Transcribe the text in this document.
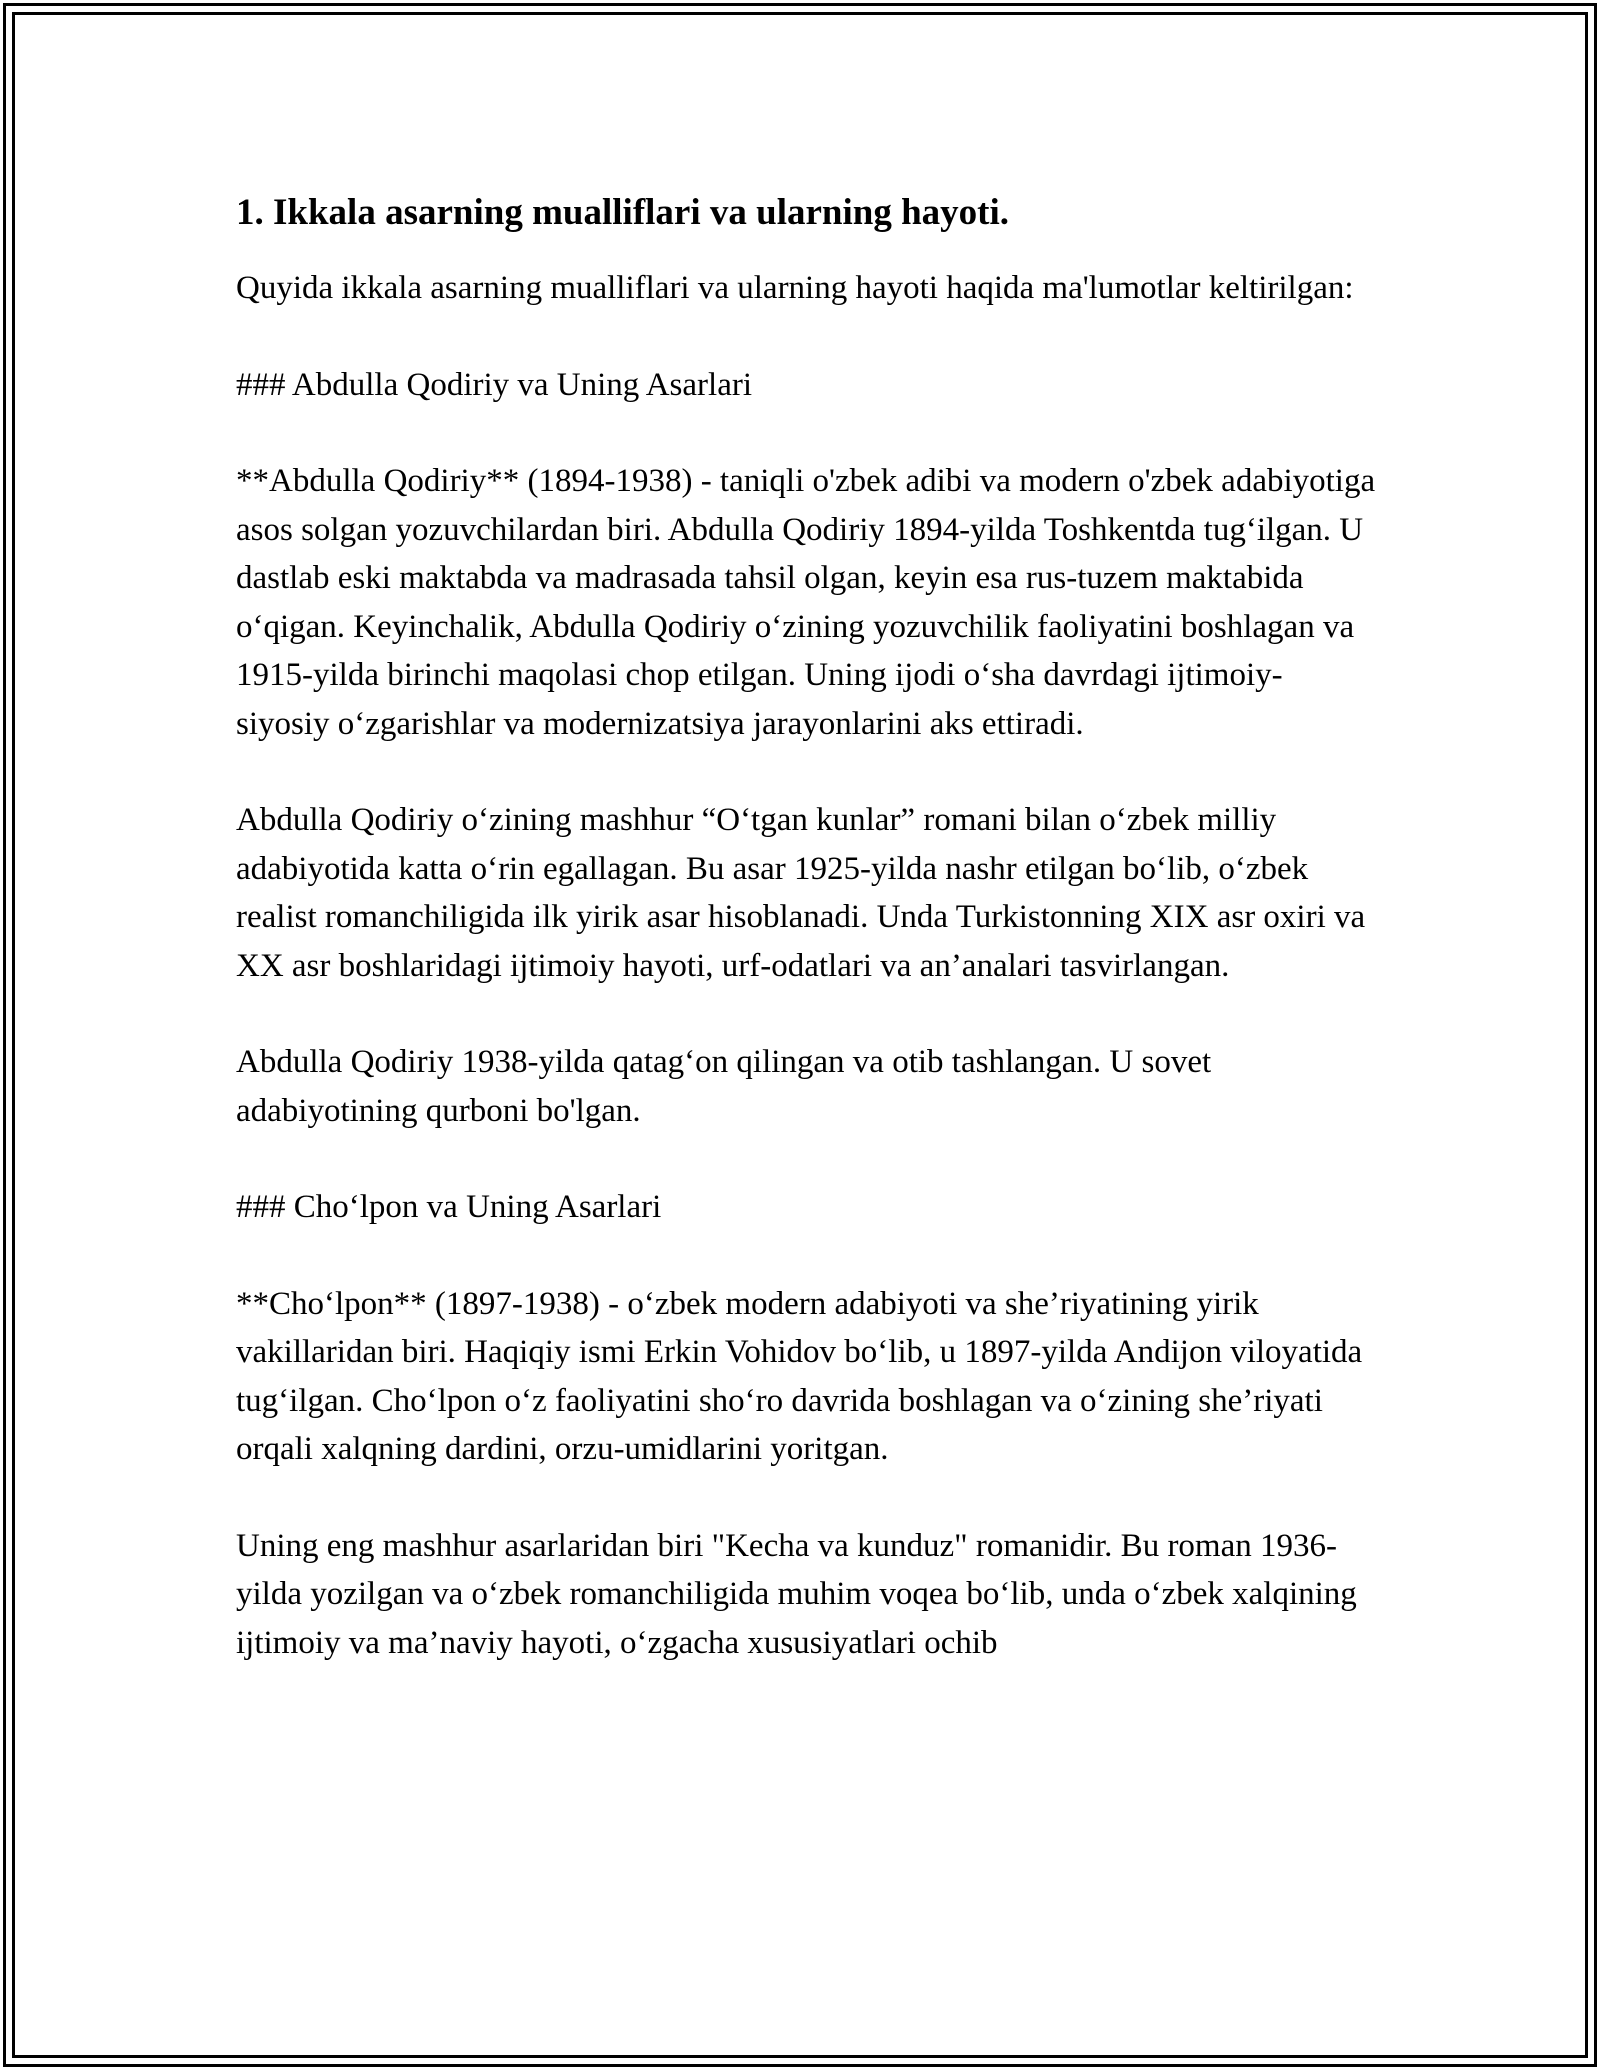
1. Ikkala asarning mualliflari va ularning hayoti.

Quyida ikkala asarning mualliflari va ularning hayoti haqida ma'lumotlar keltirilgan:

### Abdulla Qodiriy va Uning Asarlari

**Abdulla Qodiriy** (1894-1938) - taniqli o'zbek adibi va modern o'zbek adabiyotiga asos solgan yozuvchilardan biri. Abdulla Qodiriy 1894-yilda Toshkentda tug‘ilgan. U dastlab eski maktabda va madrasada tahsil olgan, keyin esa rus-tuzem maktabida o‘qigan. Keyinchalik, Abdulla Qodiriy o‘zining yozuvchilik faoliyatini boshlagan va 1915-yilda birinchi maqolasi chop etilgan. Uning ijodi o‘sha davrdagi ijtimoiy-siyosiy o‘zgarishlar va modernizatsiya jarayonlarini aks ettiradi.

Abdulla Qodiriy o‘zining mashhur “O‘tgan kunlar” romani bilan o‘zbek milliy adabiyotida katta o‘rin egallagan. Bu asar 1925-yilda nashr etilgan bo‘lib, o‘zbek realist romanchiligida ilk yirik asar hisoblanadi. Unda Turkistonning XIX asr oxiri va XX asr boshlaridagi ijtimoiy hayoti, urf-odatlari va an’analari tasvirlangan.

Abdulla Qodiriy 1938-yilda qatag‘on qilingan va otib tashlangan. U sovet adabiyotining qurboni bo'lgan.

### Cho‘lpon va Uning Asarlari

**Cho‘lpon** (1897-1938) - o‘zbek modern adabiyoti va she’riyatining yirik vakillaridan biri. Haqiqiy ismi Erkin Vohidov bo‘lib, u 1897-yilda Andijon viloyatida tug‘ilgan. Cho‘lpon o‘z faoliyatini sho‘ro davrida boshlagan va o‘zining she’riyati orqali xalqning dardini, orzu-umidlarini yoritgan.

Uning eng mashhur asarlaridan biri "Kecha va kunduz" romanidir. Bu roman 1936-yilda yozilgan va o‘zbek romanchiligida muhim voqea bo‘lib, unda o‘zbek xalqining ijtimoiy va ma’naviy hayoti, o‘zgacha xususiyatlari ochib
